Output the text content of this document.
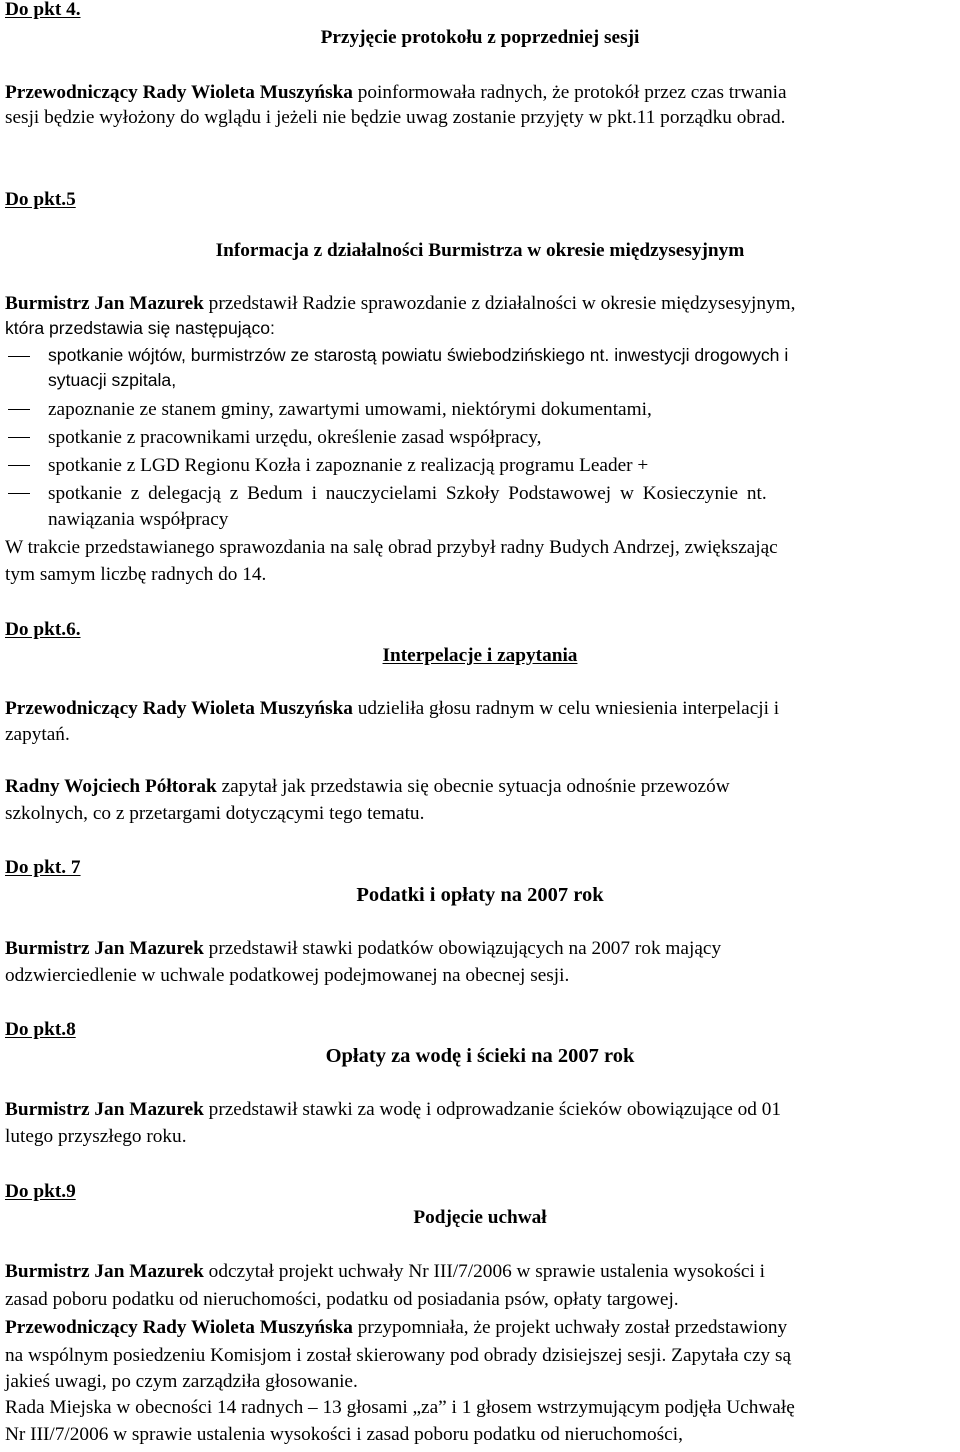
Do pkt 4.
Przyjęcie protokołu z poprzedniej sesji
Przewodniczący Rady Wioleta Muszyńska poinformowała radnych, że protokół przez czas trwania
sesji będzie wyłożony do wglądu i jeżeli nie będzie uwag zostanie przyjęty w pkt.11 porządku obrad.
Do pkt.5
Informacja z działalności Burmistrza w okresie międzysesyjnym
Burmistrz Jan Mazurek przedstawił Radzie sprawozdanie z działalności w okresie międzysesyjnym,
która przedstawia się następująco:
spotkanie wójtów, burmistrzów ze starostą powiatu świebodzińskiego nt. inwestycji drogowych i
sytuacji szpitala,
zapoznanie ze stanem gminy, zawartymi umowami, niektórymi dokumentami,
spotkanie z pracownikami urzędu, określenie zasad współpracy,
spotkanie z LGD Regionu Kozła i zapoznanie z realizacją programu Leader +
spotkanie z delegacją z Bedum i nauczycielami Szkoły Podstawowej w Kosieczynie nt.
nawiązania współpracy
W trakcie przedstawianego sprawozdania na salę obrad przybył radny Budych Andrzej, zwiększając
tym samym liczbę radnych do 14.
Do pkt.6.
Interpelacje i zapytania
Przewodniczący Rady Wioleta Muszyńska udzieliła głosu radnym w celu wniesienia interpelacji i
zapytań.
Radny Wojciech Półtorak zapytał jak przedstawia się obecnie sytuacja odnośnie przewozów
szkolnych, co z przetargami dotyczącymi tego tematu.
Do pkt. 7
Podatki i opłaty na 2007 rok
Burmistrz Jan Mazurek przedstawił stawki podatków obowiązujących na 2007 rok mający
odzwierciedlenie w uchwale podatkowej podejmowanej na obecnej sesji.
Do pkt.8
Opłaty za wodę i ścieki na 2007 rok
Burmistrz Jan Mazurek przedstawił stawki za wodę i odprowadzanie ścieków obowiązujące od 01
lutego przyszłego roku.
Do pkt.9
Podjęcie uchwał
Burmistrz Jan Mazurek odczytał projekt uchwały Nr III/7/2006 w sprawie ustalenia wysokości i
zasad poboru podatku od nieruchomości, podatku od posiadania psów, opłaty targowej.
Przewodniczący Rady Wioleta Muszyńska przypomniała, że projekt uchwały został przedstawiony
na wspólnym posiedzeniu Komisjom i został skierowany pod obrady dzisiejszej sesji. Zapytała czy są
jakieś uwagi, po czym zarządziła głosowanie.
Rada Miejska w obecności 14 radnych – 13 głosami „za” i 1 głosem wstrzymującym podjęła Uchwałę
Nr III/7/2006 w sprawie ustalenia wysokości i zasad poboru podatku od nieruchomości,
